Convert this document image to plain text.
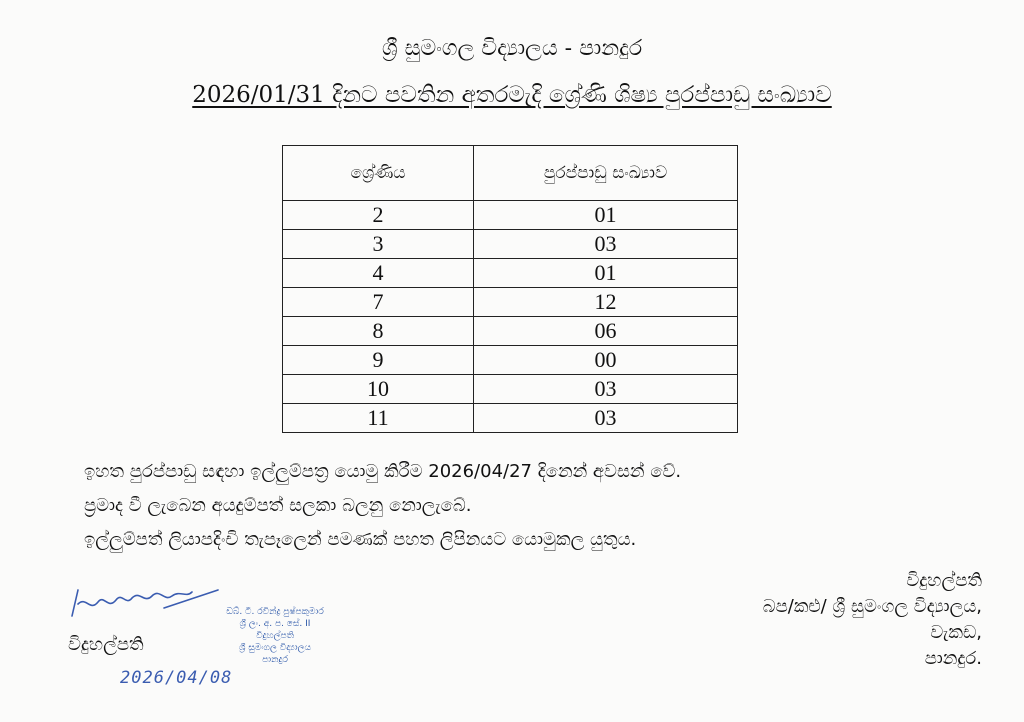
ශ්‍රී සුමංගල විද්‍යාලය - පානදුර
2026/01/31 දිනට පවතින අතරමැදි ශ්‍රේණි ශිෂ්‍ය පුරප්පාඩු සංඛ්‍යාව
ශ්‍රේණිය	පුරප්පාඩු සංඛ්‍යාව
2	01
3	03
4	01
7	12
8	06
9	00
10	03
11	03

ඉහත පුරප්පාඩු සඳහා ඉල්ලුම්පත්‍ර යොමු කිරීම 2026/04/27 දිනෙන් අවසන් වේ.

ප්‍රමාද වී ලැබෙන අයදුම්පත් සලකා බලනු නොලැබේ.

ඉල්ලුම්පත් ලියාපදිංචි තැපෑලෙන් පමණක් පහත ලිපිනයට යොමුකල යුතුය.

විදුහල්පති
බප/කළු/ ශ්‍රී සුමංගල විද්‍යාලය,
වැකඩ,
පානදුර.
ඩබ්. ටී. රවින්ද්‍ර පුෂ්පකුමාර
ශ්‍රී ලං. අ. ප. සේ. II
විදුහල්පති
ශ්‍රී සුමංගල විද්‍යාලය
පානදුර
විදුහල්පති
2026/04/08
